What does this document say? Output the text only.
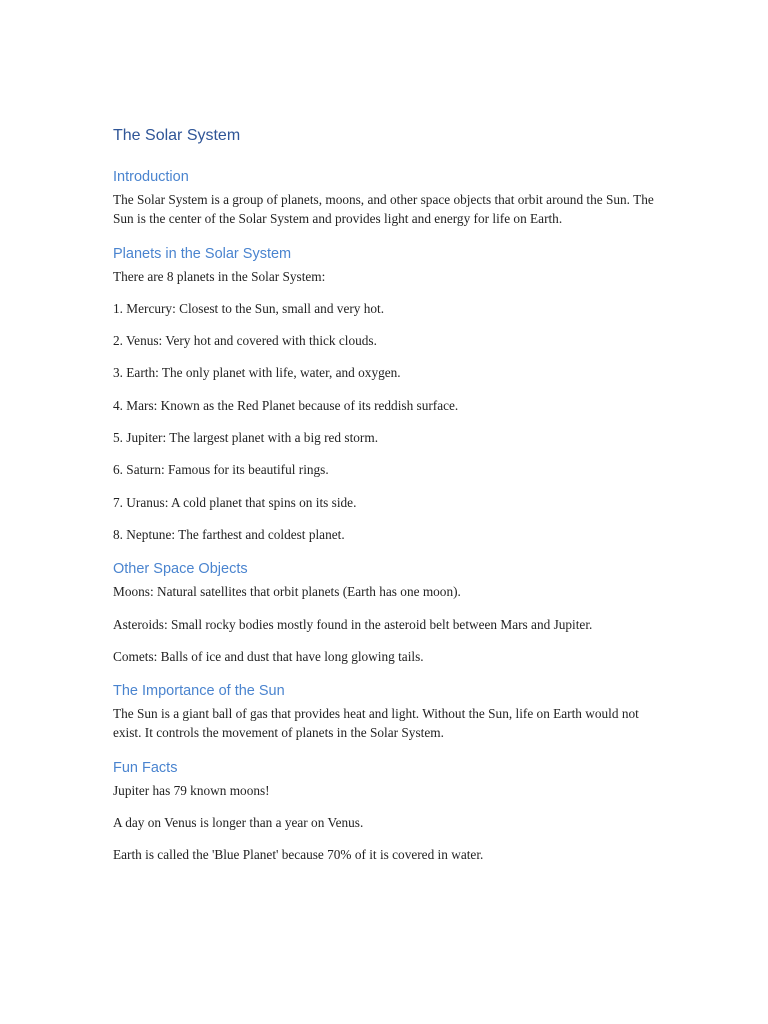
The Solar System
Introduction

The Solar System is a group of planets, moons, and other space objects that orbit around the Sun. The Sun is the center of the Solar System and provides light and energy for life on Earth.

Planets in the Solar System

There are 8 planets in the Solar System:

1. Mercury: Closest to the Sun, small and very hot.

2. Venus: Very hot and covered with thick clouds.

3. Earth: The only planet with life, water, and oxygen.

4. Mars: Known as the Red Planet because of its reddish surface.

5. Jupiter: The largest planet with a big red storm.

6. Saturn: Famous for its beautiful rings.

7. Uranus: A cold planet that spins on its side.

8. Neptune: The farthest and coldest planet.

Other Space Objects

Moons: Natural satellites that orbit planets (Earth has one moon).

Asteroids: Small rocky bodies mostly found in the asteroid belt between Mars and Jupiter.

Comets: Balls of ice and dust that have long glowing tails.

The Importance of the Sun

The Sun is a giant ball of gas that provides heat and light. Without the Sun, life on Earth would not exist. It controls the movement of planets in the Solar System.

Fun Facts

Jupiter has 79 known moons!

A day on Venus is longer than a year on Venus.

Earth is called the 'Blue Planet' because 70% of it is covered in water.
